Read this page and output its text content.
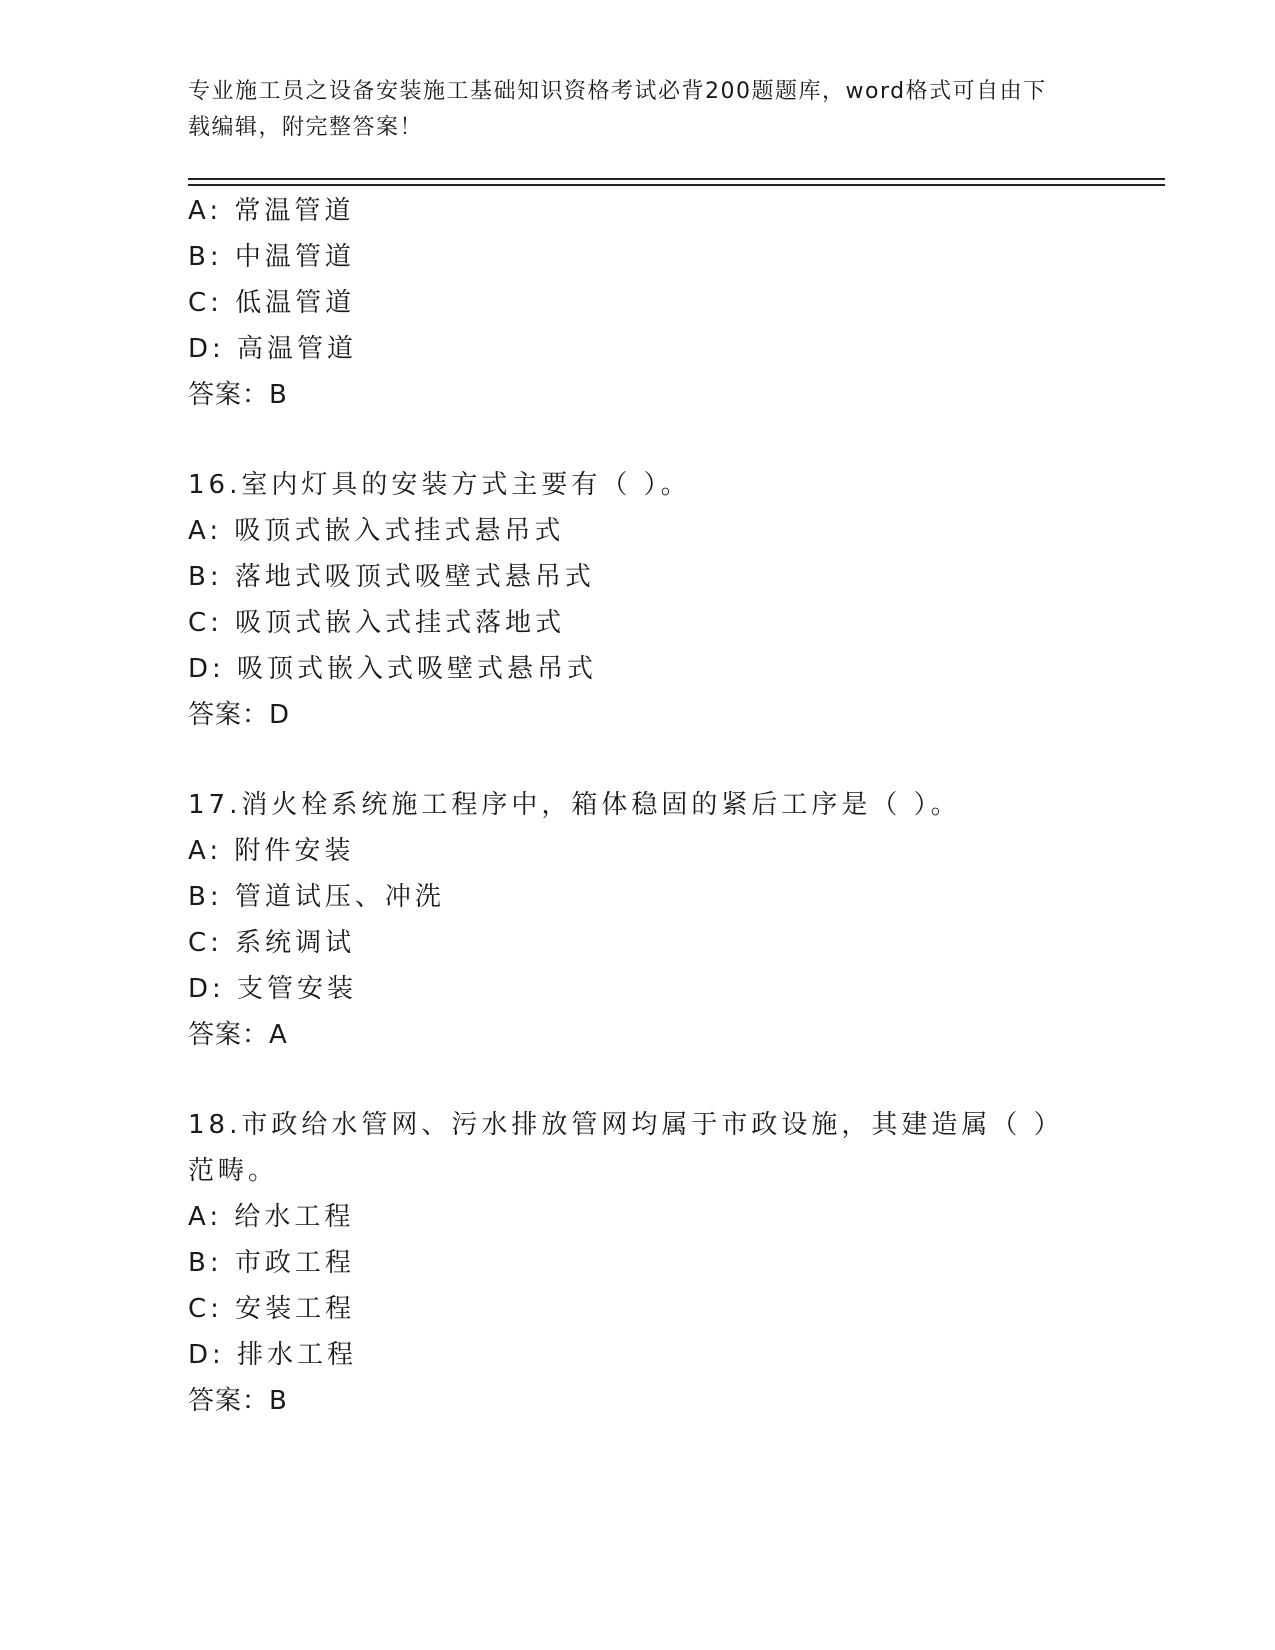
专业施工员之设备安装施工基础知识资格考试必背200题题库，word格式可自由下载编辑，附完整答案！
A: 常温管道
B: 中温管道
C: 低温管道
D: 高温管道
答案：B
16.室内灯具的安装方式主要有（ ）。
A: 吸顶式嵌入式挂式悬吊式
B: 落地式吸顶式吸壁式悬吊式
C: 吸顶式嵌入式挂式落地式
D: 吸顶式嵌入式吸壁式悬吊式
答案：D
17.消火栓系统施工程序中，箱体稳固的紧后工序是（ ）。
A: 附件安装
B: 管道试压、冲洗
C: 系统调试
D: 支管安装
答案：A
18.市政给水管网、污水排放管网均属于市政设施，其建造属（ ）范畴。
A: 给水工程
B: 市政工程
C: 安装工程
D: 排水工程
答案：B
